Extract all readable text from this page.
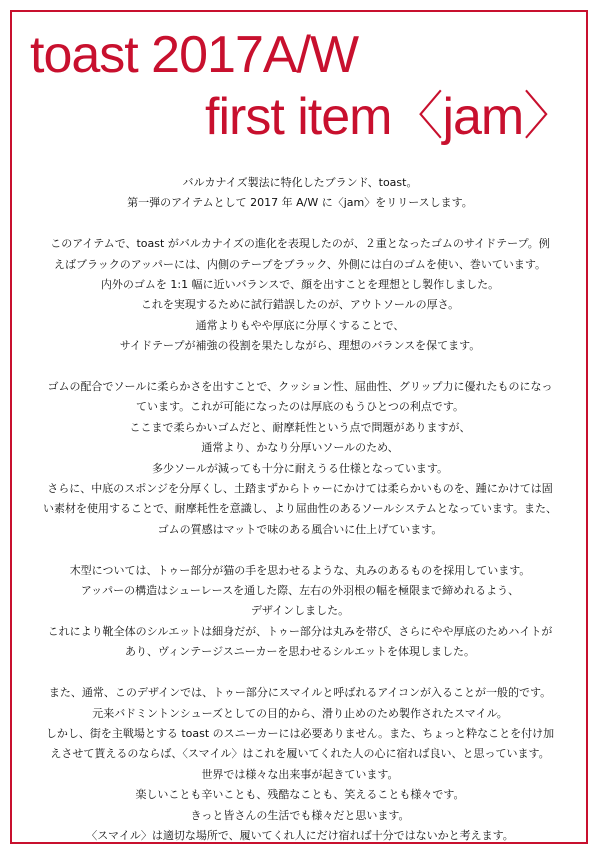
toast 2017A/W
first item〈jam〉

バルカナイズ製法に特化したブランド、toast。
第一弾のアイテムとして 2017 年 A/W に〈jam〉をリリースします。

このアイテムで、toast がバルカナイズの進化を表現したのが、２重となったゴムのサイドテープ。例
えばブラックのアッパーには、内側のテープをブラック、外側には白のゴムを使い、巻いています。
内外のゴムを 1:1 幅に近いバランスで、顔を出すことを理想とし製作しました。
これを実現するために試行錯誤したのが、アウトソールの厚さ。
通常よりもやや厚底に分厚くすることで、
サイドテープが補強の役割を果たしながら、理想のバランスを保てます。

ゴムの配合でソールに柔らかさを出すことで、クッション性、屈曲性、グリップ力に優れたものになっ
ています。これが可能になったのは厚底のもうひとつの利点です。
ここまで柔らかいゴムだと、耐摩耗性という点で問題がありますが、
通常より、かなり分厚いソールのため、
多少ソールが減っても十分に耐えうる仕様となっています。
さらに、中底のスポンジを分厚くし、土踏まずからトゥーにかけては柔らかいものを、踵にかけては固
い素材を使用することで、耐摩耗性を意識し、より屈曲性のあるソールシステムとなっています。また、
ゴムの質感はマットで味のある風合いに仕上げています。

木型については、トゥー部分が猫の手を思わせるような、丸みのあるものを採用しています。
アッパーの構造はシューレースを通した際、左右の外羽根の幅を極限まで締めれるよう、
デザインしました。
これにより靴全体のシルエットは細身だが、トゥー部分は丸みを帯び、さらにやや厚底のためハイトが
あり、ヴィンテージスニーカーを思わせるシルエットを体現しました。

また、通常、このデザインでは、トゥー部分にスマイルと呼ばれるアイコンが入ることが一般的です。
元来バドミントンシューズとしての目的から、滑り止めのため製作されたスマイル。
しかし、街を主戦場とする toast のスニーカーには必要ありません。また、ちょっと粋なことを付け加
えさせて貰えるのならば、〈スマイル〉はこれを履いてくれた人の心に宿れば良い、と思っています。
世界では様々な出来事が起きています。
楽しいことも辛いことも、残酷なことも、笑えることも様々です。
きっと皆さんの生活でも様々だと思います。
〈スマイル〉は適切な場所で、履いてくれ人にだけ宿れば十分ではないかと考えます。
